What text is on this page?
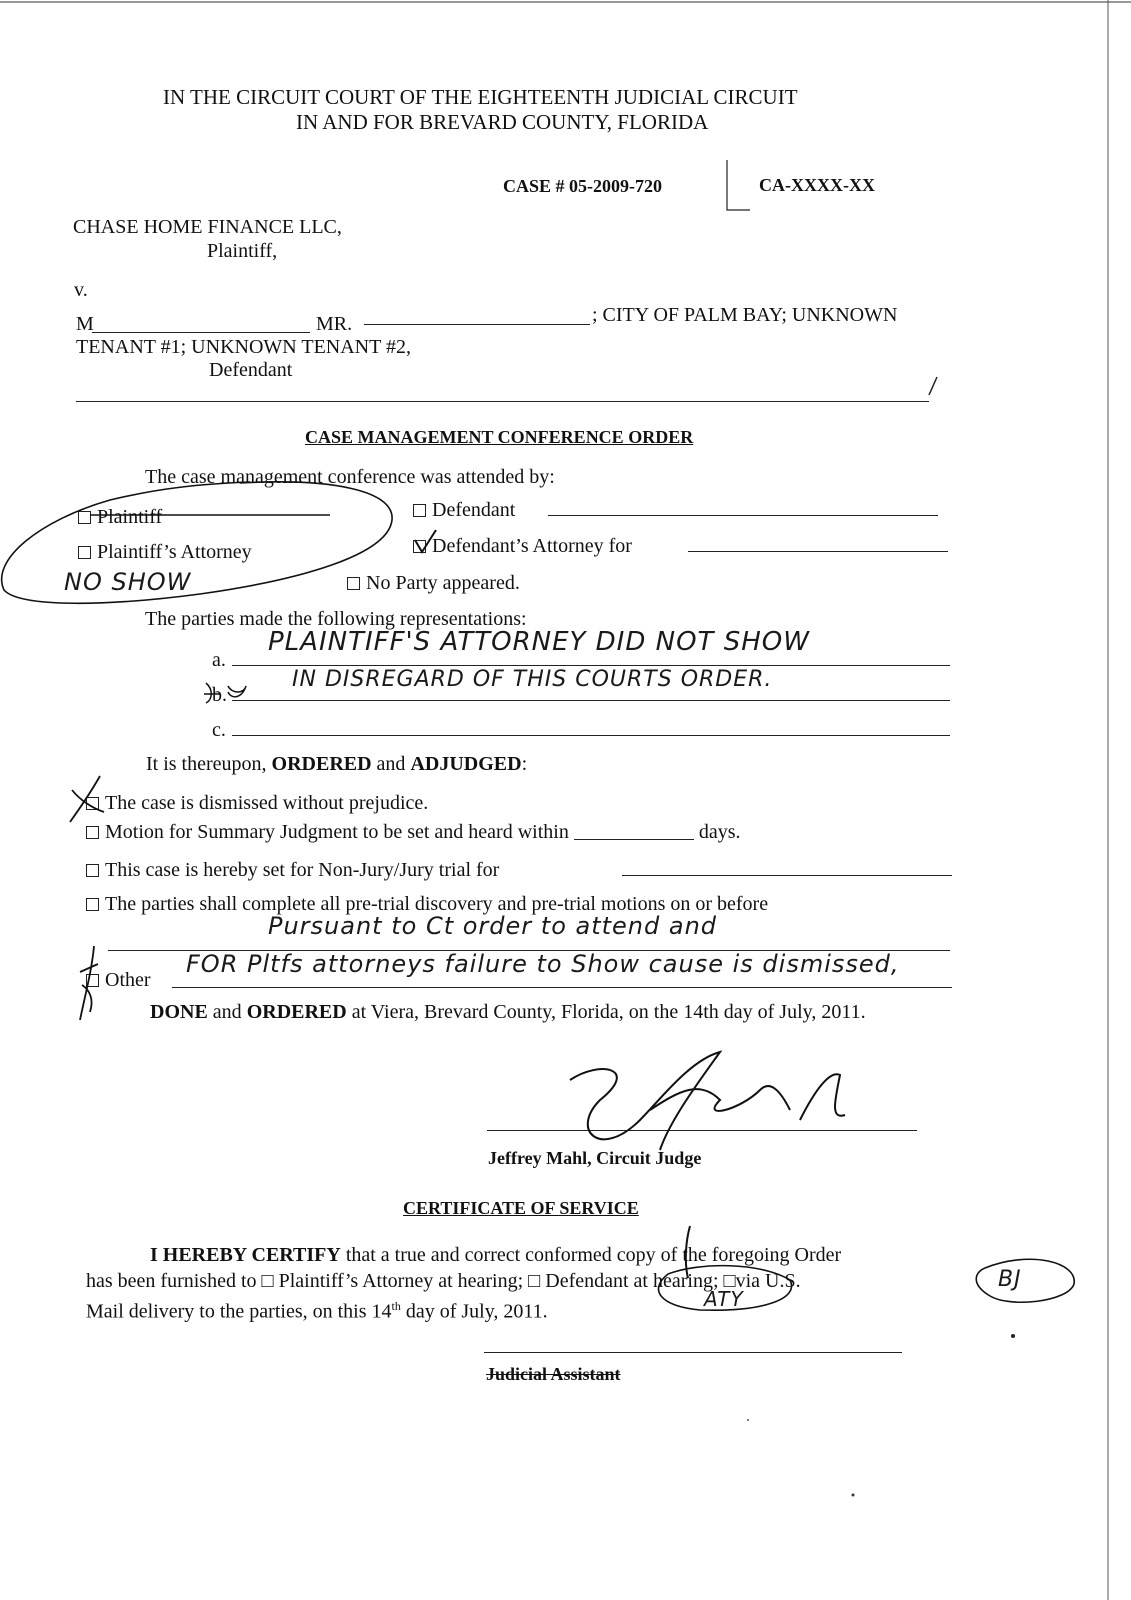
IN THE CIRCUIT COURT OF THE EIGHTEENTH JUDICIAL CIRCUIT
IN AND FOR BREVARD COUNTY, FLORIDA
CASE # 05-2009-720	CA-XXXX-XX
CHASE HOME FINANCE LLC,
Plaintiff,
v.
M	MR.	; CITY OF PALM BAY; UNKNOWN
TENANT #1; UNKNOWN TENANT #2,
Defendant
CASE MANAGEMENT CONFERENCE ORDER
The case management conference was attended by:
Plaintiff	Defendant
Plaintiff’s Attorney	Defendant’s Attorney for
No Party appeared.
NO SHOW
The parties made the following representations:
a.
PLAINTIFF'S ATTORNEY DID NOT SHOW
b.
IN DISREGARD OF THIS COURTS ORDER.
c.
It is thereupon, ORDERED and ADJUDGED:
The case is dismissed without prejudice.
Motion for Summary Judgment to be set and heard within	days.
This case is hereby set for Non-Jury/Jury trial for
The parties shall complete all pre-trial discovery and pre-trial motions on or before
Pursuant to Ct order to attend and
Other
FOR Pltfs attorneys failure to Show cause is dismissed,
DONE and ORDERED at Viera, Brevard County, Florida, on the 14th day of July, 2011.
Jeffrey Mahl, Circuit Judge
CERTIFICATE OF SERVICE
I HEREBY CERTIFY that a true and correct conformed copy of the foregoing Order
has been furnished to □ Plaintiff’s Attorney at hearing; □ Defendant at hearing; □via U.S.
Mail delivery to the parties, on this 14th day of July, 2011.
ATY
BJ
Judicial Assistant
